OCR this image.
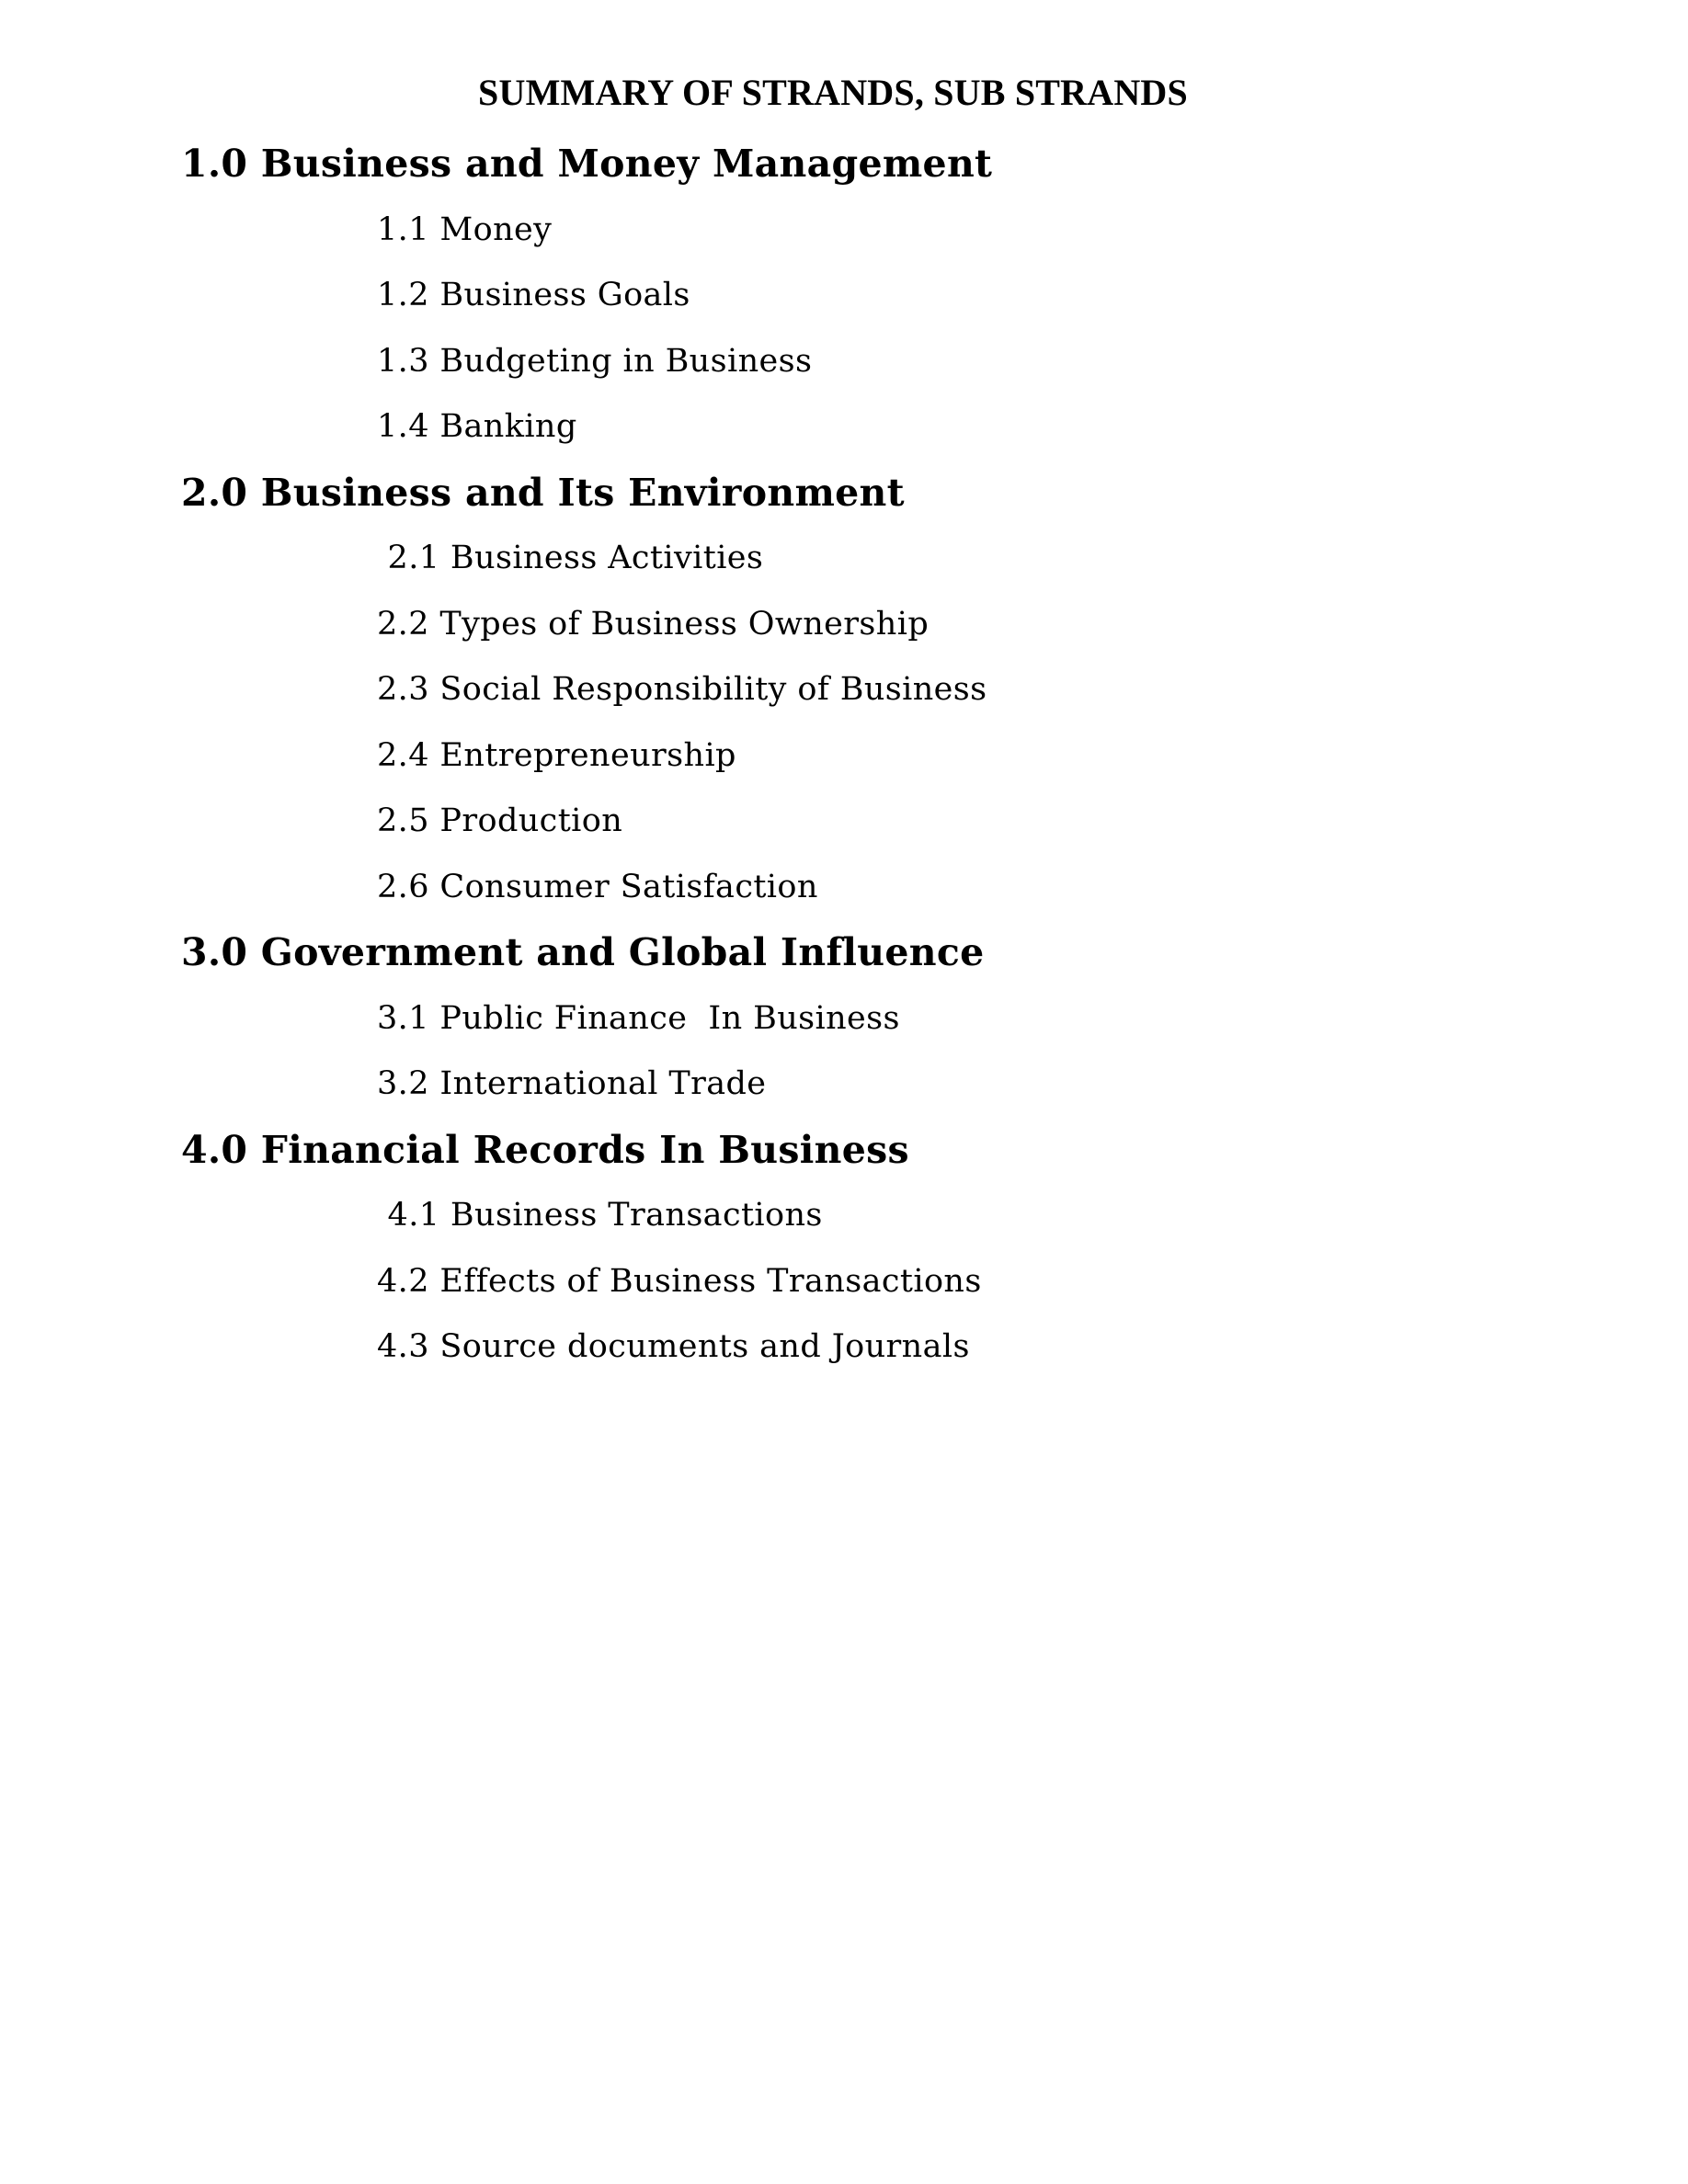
SUMMARY OF STRANDS, SUB STRANDS
1.0 Business and Money Management
1.1 Money
1.2 Business Goals
1.3 Budgeting in Business
1.4 Banking
2.0 Business and Its Environment
2.1 Business Activities
2.2 Types of Business Ownership
2.3 Social Responsibility of Business
2.4 Entrepreneurship
2.5 Production
2.6 Consumer Satisfaction
3.0 Government and Global Influence
3.1 Public Finance  In Business
3.2 International Trade
4.0 Financial Records In Business
4.1 Business Transactions
4.2 Effects of Business Transactions
4.3 Source documents and Journals
